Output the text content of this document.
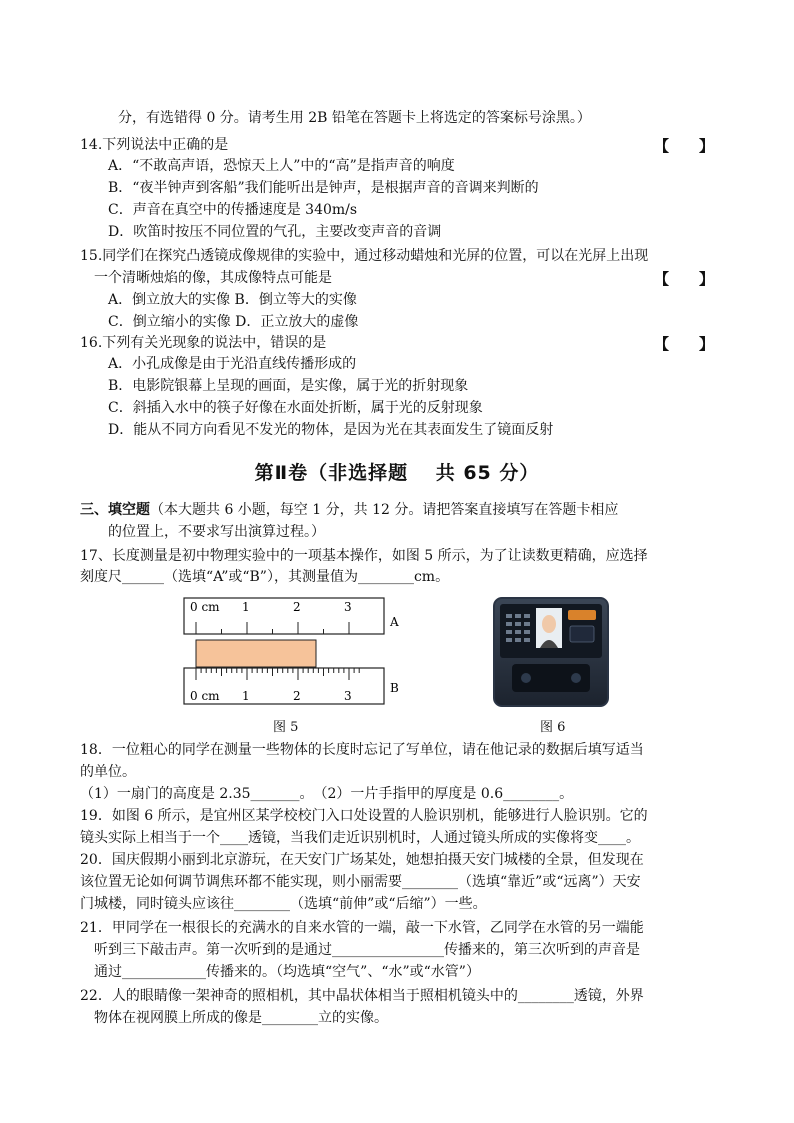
分，有选错得 0 分。请考生用 2B 铅笔在答题卡上将选定的答案标号涂黑。）
14.下列说法中正确的是	【　　】
A．“不敢高声语，恐惊天上人”中的“高”是指声音的响度
B．“夜半钟声到客船”我们能听出是钟声，是根据声音的音调来判断的
C．声音在真空中的传播速度是 340m/s
D．吹笛时按压不同位置的气孔，主要改变声音的音调
15.同学们在探究凸透镜成像规律的实验中，通过移动蜡烛和光屏的位置，可以在光屏上出现
一个清晰烛焰的像，其成像特点可能是	【　　】
A．倒立放大的实像 B．倒立等大的实像
C．倒立缩小的实像 D．正立放大的虚像
16.下列有关光现象的说法中，错误的是	【　　】
A．小孔成像是由于光沿直线传播形成的
B．电影院银幕上呈现的画面，是实像，属于光的折射现象
C．斜插入水中的筷子好像在水面处折断，属于光的反射现象
D．能从不同方向看见不发光的物体，是因为光在其表面发生了镜面反射
第Ⅱ卷（非选择题　 共 65 分）
三、填空题（本大题共 6 小题，每空 1 分，共 12 分。请把答案直接填写在答题卡相应
的位置上，不要求写出演算过程。）
17、长度测量是初中物理实验中的一项基本操作，如图 5 所示，为了让读数更精确，应选择
刻度尺______（选填“A”或“B”），其测量值为________cm。
0 cm 1	2	3
A
0 cm 1	2	3
B
图 5	图 6
18．一位粗心的同学在测量一些物体的长度时忘记了写单位，请在他记录的数据后填写适当
的单位。
（1）一扇门的高度是 2.35_______。　（2）一片手指甲的厚度是 0.6________。
19．如图 6 所示，是宜州区某学校校门入口处设置的人脸识别机，能够进行人脸识别。它的
镜头实际上相当于一个____透镜，当我们走近识别机时，人通过镜头所成的实像将变____。
20．国庆假期小丽到北京游玩，在天安门广场某处，她想拍摄天安门城楼的全景，但发现在
该位置无论如何调节调焦环都不能实现，则小丽需要________（选填“靠近”或“远离”）天安
门城楼，同时镜头应该往________（选填“前伸”或“后缩”）一些。
21．甲同学在一根很长的充满水的自来水管的一端，敲一下水管，乙同学在水管的另一端能
听到三下敲击声。第一次听到的是通过________________传播来的，第三次听到的声音是
通过____________传播来的。（均选填“空气”、“水”或“水管”）
22．人的眼睛像一架神奇的照相机，其中晶状体相当于照相机镜头中的________透镜，外界
物体在视网膜上所成的像是________立的实像。
